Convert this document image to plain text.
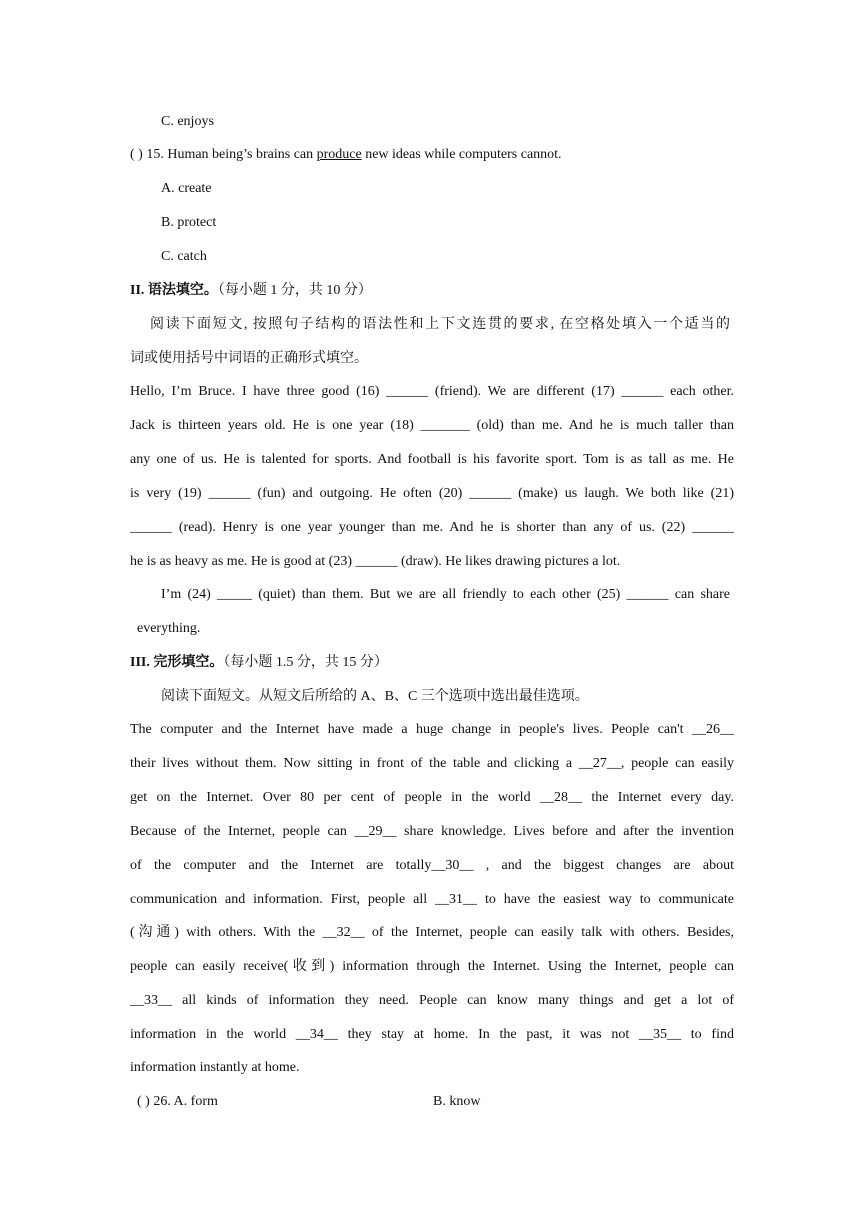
C. enjoys
( ) 15. Human being’s brains can produce new ideas while computers cannot.
A. create
B. protect
C. catch
II. 语法填空。（每小题 1 分，共 10 分）
阅读下面短文, 按照句子结构的语法性和上下文连贯的要求, 在空格处填入一个适当的
词或使用括号中词语的正确形式填空。
Hello, I’m Bruce. I have three good (16) ______ (friend). We are different (17) ______ each other.
Jack is thirteen years old. He is one year (18) _______ (old) than me. And he is much taller than
any one of us. He is talented for sports. And football is his favorite sport. Tom is as tall as me. He
is very (19) ______ (fun) and outgoing. He often (20) ______ (make) us laugh. We both like (21)
______ (read). Henry is one year younger than me. And he is shorter than any of us. (22) ______
he is as heavy as me. He is good at (23) ______ (draw). He likes drawing pictures a lot.
I’m (24) _____ (quiet) than them. But we are all friendly to each other (25) ______ can share
everything.
III. 完形填空。（每小题 1.5 分，共 15 分）
阅读下面短文。从短文后所给的 A、B、C 三个选项中选出最佳选项。
The computer and the Internet have made a huge change in people's lives. People can't __26__
their lives without them. Now sitting in front of the table and clicking a __27__, people can easily
get on the Internet. Over 80 per cent of people in the world __28__ the Internet every day.
Because of the Internet, people can __29__ share knowledge. Lives before and after the invention
of the computer and the Internet are totally__30__ , and the biggest changes are about
communication and information. First, people all __31__ to have the easiest way to communicate
(沟通) with others. With the __32__ of the Internet, people can easily talk with others. Besides,
people can easily receive(收到) information through the Internet. Using the Internet, people can
__33__ all kinds of information they need. People can know many things and get a lot of
information in the world __34__ they stay at home. In the past, it was not __35__ to find
information instantly at home.
( ) 26. A. form	B. know
